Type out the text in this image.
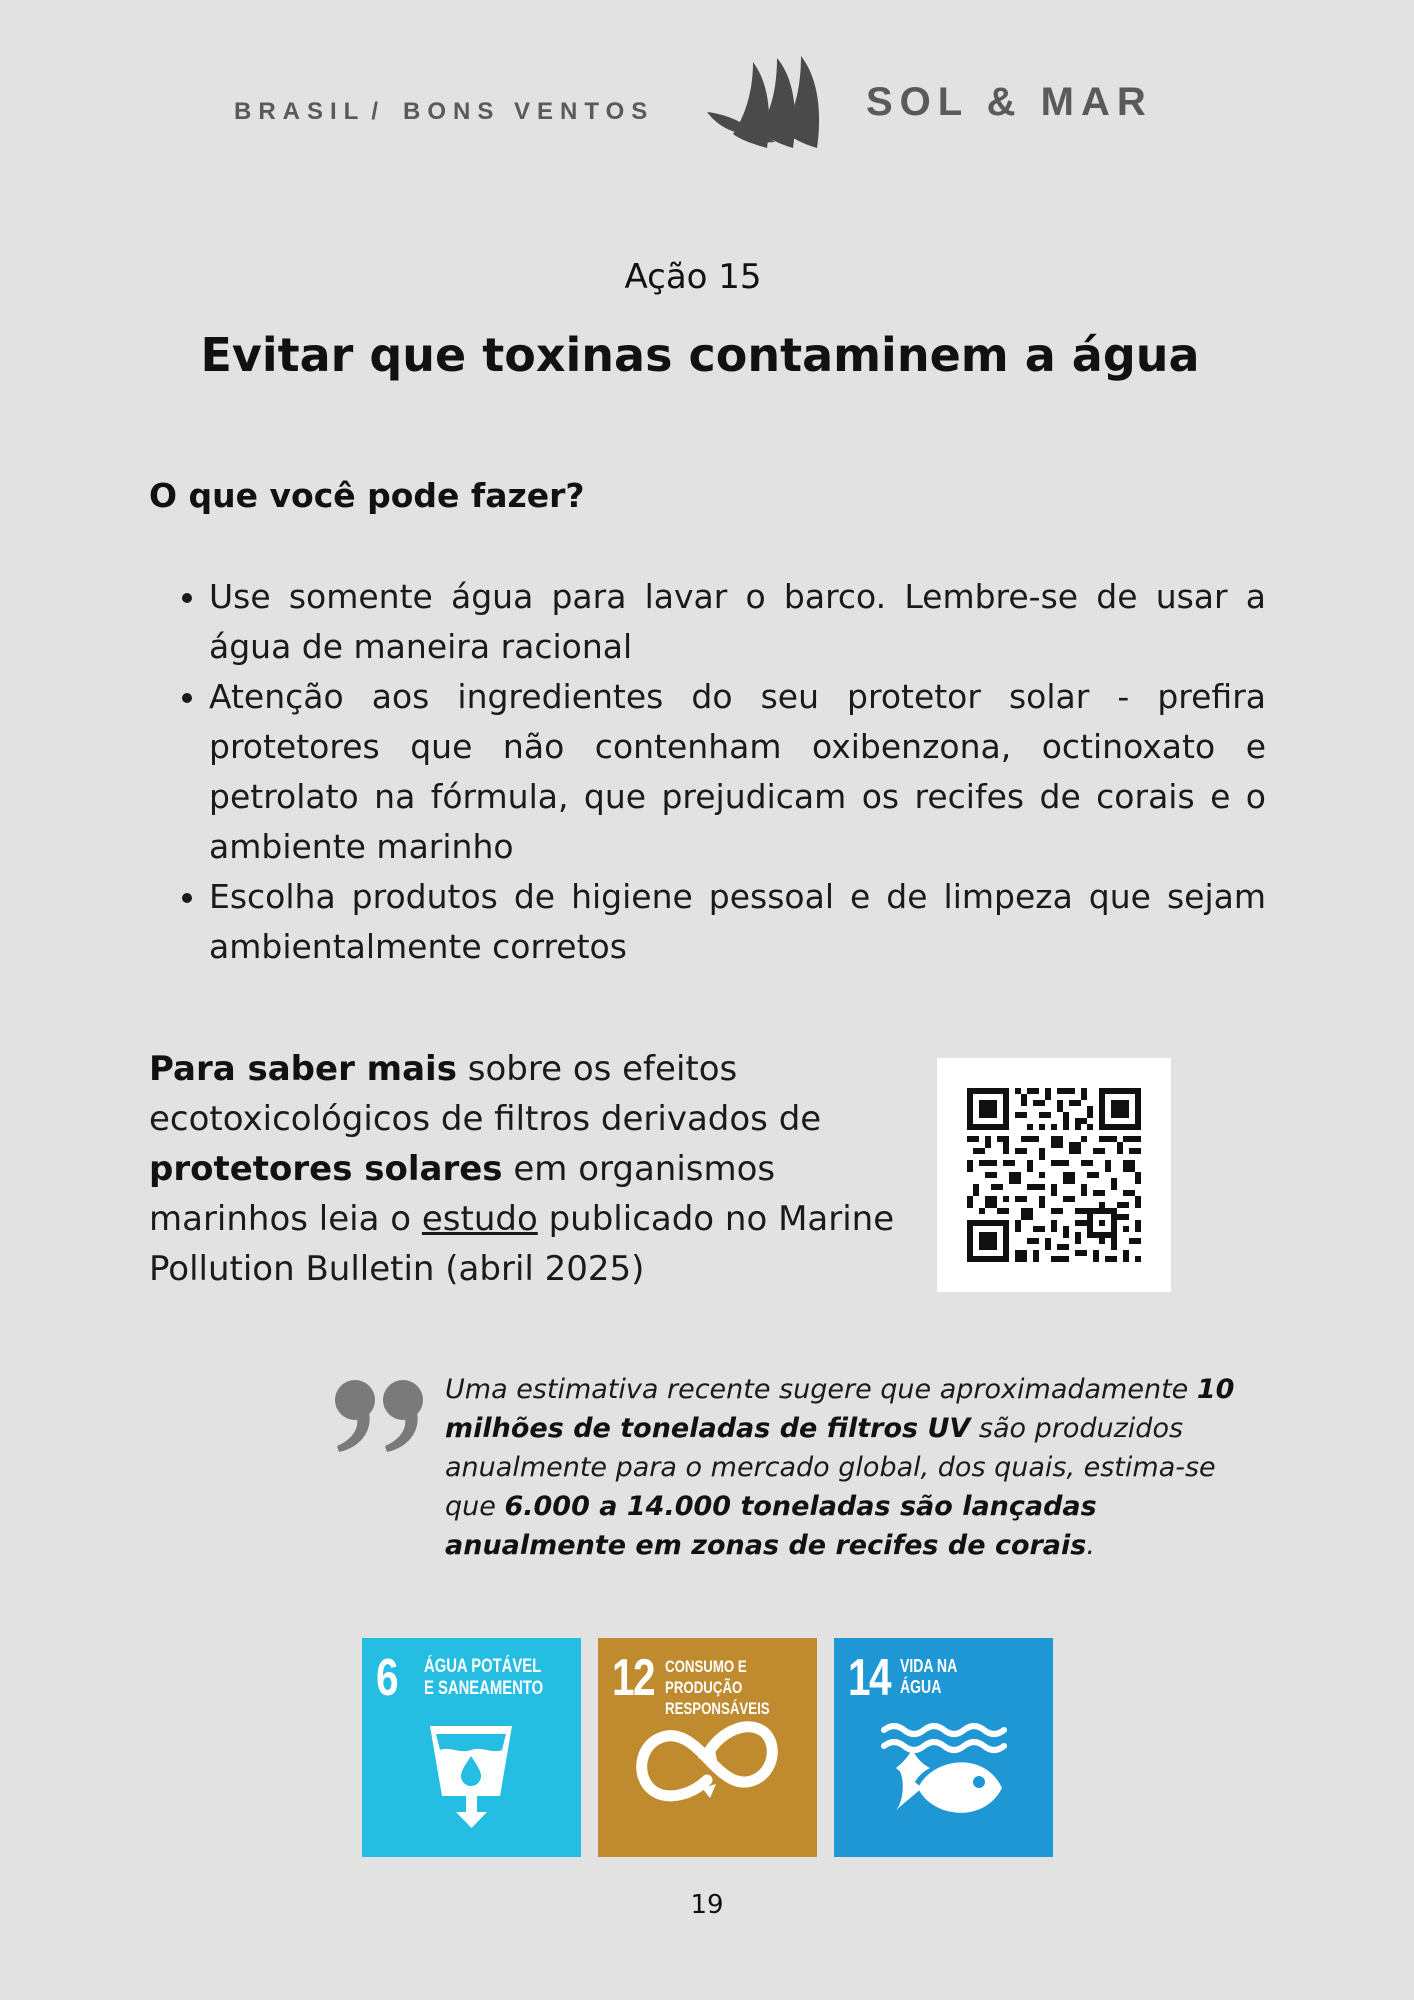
BRASIL / BONS VENTOS	SOL & MAR
Ação 15
Evitar que toxinas contaminem a água
O que você pode fazer?
• Use somente água para lavar o barco. Lembre-se de usar a água de maneira racional
• Atenção aos ingredientes do seu protetor solar - prefira protetores que não contenham oxibenzona, octinoxato e petrolato na fórmula, que prejudicam os recifes de corais e o ambiente marinho
• Escolha produtos de higiene pessoal e de limpeza que sejam ambientalmente corretos
Para saber mais sobre os efeitos ecotoxicológicos de filtros derivados de protetores solares em organismos marinhos leia o estudo publicado no Marine Pollution Bulletin (abril 2025)
Uma estimativa recente sugere que aproximadamente 10 milhões de toneladas de filtros UV são produzidos anualmente para o mercado global, dos quais, estima-se que 6.000 a 14.000 toneladas são lançadas anualmente em zonas de recifes de corais.
6 ÁGUA POTÁVEL
E SANEAMENTO	12 CONSUMO E
PRODUÇÃO
RESPONSÁVEIS
14 VIDA NA
ÁGUA
19
